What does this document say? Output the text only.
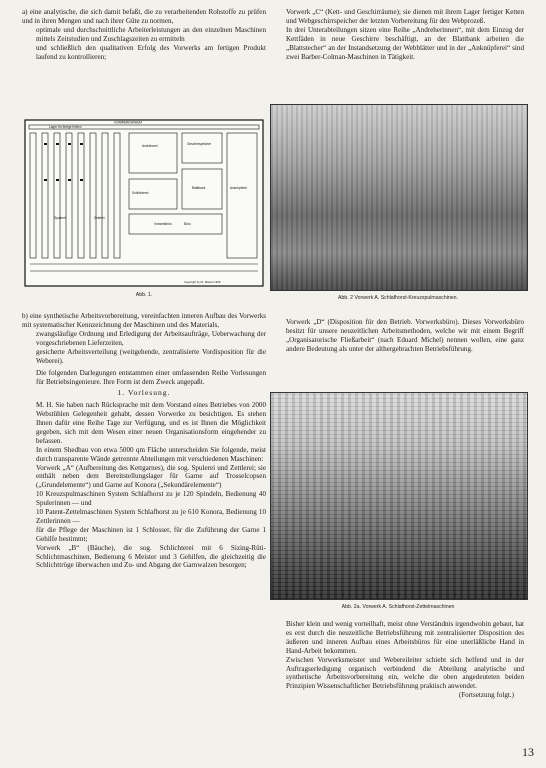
a) eine analytische, die sich damit befaßt, die zu verarbeitenden Rohstoffe zu prüfen und in ihren Mengen und nach ihrer Güte zu normen,

optimale und durchschnittliche Arbeiterleistungen an den einzelnen Maschinen mittels Zeitstudien und Zuschlagszeiten zu ermitteln

und schließlich den qualitativen Erfolg des Vorwerks am fertigen Produkt laufend zu kontrollieren;

Vorwerk „C“ (Kett- und Geschirräume); sie dienen mit ihrem Lager fertiger Ketten und Webgeschirrspeicher der letzten Vorbereitung für den Webprozeß.

In drei Unterabteilungen sitzen eine Reihe „Andreherinnen“, mit dem Einzug der Kettfäden in neue Geschirre beschäftigt, an der Blattbank arbeiten die „Blattstecher“ an der Instandsetzung der Webblätter und in der „Anknüpferei“ sind zwei Barber-Colman-Maschinen in Tätigkeit.

VORWERKSRAUM
Lager für fertige Ketten
Andreherei	Geschirrspeicher
Schlichterei
Blattbank
Spulerei	Zettelei
Vorwerkbüro
Anknüpferei
Büro
Copyright by Dr. Marian 1928
Abb. 1.	Abb. 2 Vorwerk A. Schlafhorst-Kreuzspulmaschinen.

b) eine synthetische Arbeitsvorbereitung, vereinfachten inneren Aufbau des Vorwerks mit systematischer Kennzeichnung der Maschinen und des Materials,

zwangsläufige Ordnung und Erledigung der Arbeitsaufträge, Ueberwachung der vorgeschriebenen Lieferzeiten,

gesicherte Arbeitsverteilung (weitgehende, zentralisierte Vordisposition für die Weberei).

Die folgenden Darlegungen entstammen einer umfassenden Reihe Vorlesungen für Betriebsingenieure. Ihre Form ist dem Zweck angepaßt.

1. Vorlesung.

M. H. Sie haben nach Rücksprache mit dem Vorstand eines Betriebes von 2000 Webstühlen Gelegenheit gehabt, dessen Vorwerke zu besichtigen. Es stehen Ihnen dafür eine Reihe Tage zur Verfügung, und es ist Ihnen die Möglichkeit gegeben, sich mit dem Wesen einer neuen Organisationsform eingehender zu befassen.

In einem Shedbau von etwa 5000 qm Fläche unterscheiden Sie folgende, meist durch transparente Wände getrennte Abteilungen mit verschiedenen Maschinen:

Vorwerk „A“ (Aufbereitung des Kettgarnes), die sog. Spulerei und Zettlerei; sie enthält neben dem Bereitstellungslager für Garne auf Trosselcopsen („Grundelemente“) und Garne auf Konora („Sekundärelemente“)

10 Kreuzspulmaschinen System Schlafhorst zu je 120 Spindeln, Bedienung 40 Spulerinnen — und

10 Patent-Zettelmaschinen System Schlafhorst zu je 610 Konora, Bedienung 10 Zettlerinnen —

für die Pflege der Maschinen ist 1 Schlosser, für die Zuführung der Garne 1 Gehilfe bestimmt;

Vorwerk „B“ (Bäuche), die sog. Schlichterei mit 6 Sizing-Rüti-Schlichtmaschinen, Bedienung 6 Meister und 3 Gehilfen, die gleichzeitig die Schlichttröge überwachen und Zu- und Abgang der Garnwalzen besorgen;

Vorwerk „D“ (Disposition für den Betrieb. Vorwerksbüro). Dieses Vorwerksbüro besitzt für unsere neuzeitlichen Arbeitsmethoden, welche wir mit einem Begriff „Organisatorische Fließarbeit“ (nach Eduard Michel) nennen wollen, eine ganz andere Bedeutung als unter der althergebrachten Betriebsführung.

Abb. 2a. Vorwerk A. Schlafhorst-Zettelmaschinen

Bisher klein und wenig vorteilhaft, meist ohne Verständnis irgendwohin gebaut, hat es erst durch die neuzeitliche Betriebsführung mit zentralisierter Disposition des äußeren und inneren Aufbau eines Arbeitsbüros für eine unerläßliche Hand in Hand-Arbeit bekommen.

Zwischen Vorwerksmeister und Webereileiter schiebt sich helfend und in der Auftragserledigung organisch verbindend die Abteilung analytische und synthetische Arbeitsvorbereitung ein, welche die oben angedeuteten beiden Prinzipien Wissenschaftlicher Betriebsführung praktisch anwendet.

(Fortsetzung folgt.)

13
